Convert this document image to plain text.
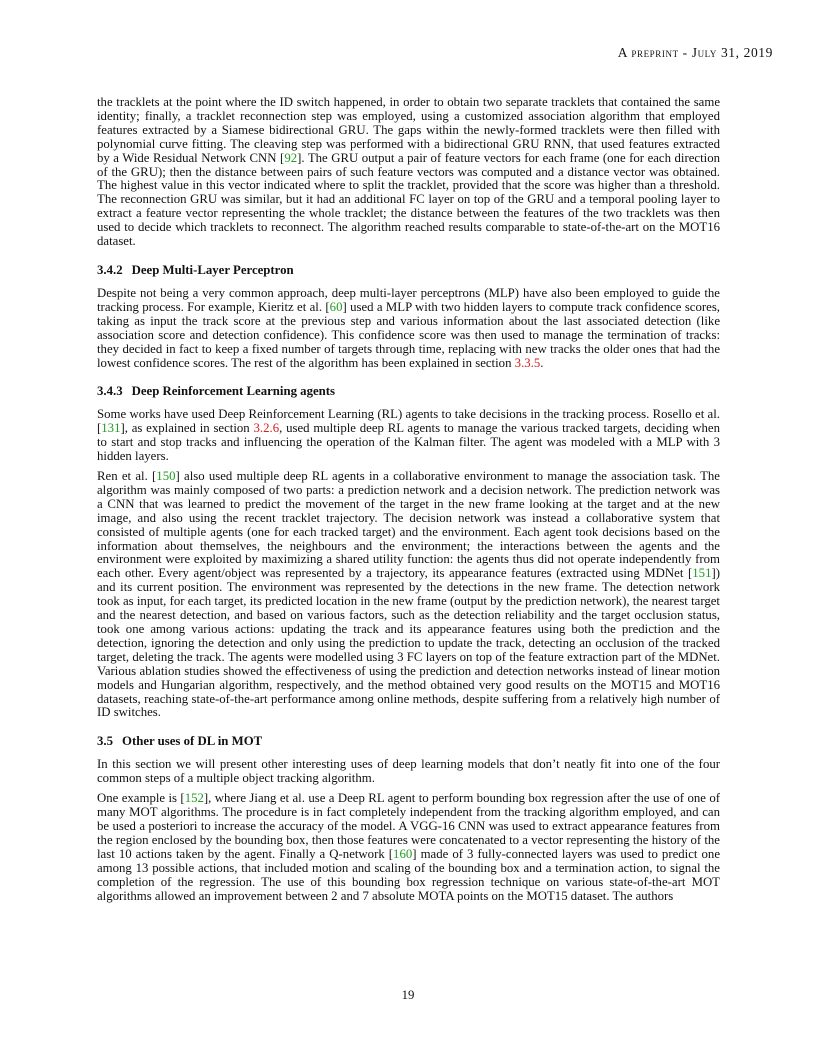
A preprint - July 31, 2019

the tracklets at the point where the ID switch happened, in order to obtain two separate tracklets that contained the same identity; finally, a tracklet reconnection step was employed, using a customized association algorithm that employed features extracted by a Siamese bidirectional GRU. The gaps within the newly-formed tracklets were then filled with polynomial curve fitting. The cleaving step was performed with a bidirectional GRU RNN, that used features extracted by a Wide Residual Network CNN [92]. The GRU output a pair of feature vectors for each frame (one for each direction of the GRU); then the distance between pairs of such feature vectors was computed and a distance vector was obtained. The highest value in this vector indicated where to split the tracklet, provided that the score was higher than a threshold. The reconnection GRU was similar, but it had an additional FC layer on top of the GRU and a temporal pooling layer to extract a feature vector representing the whole tracklet; the distance between the features of the two tracklets was then used to decide which tracklets to reconnect. The algorithm reached results comparable to state-of-the-art on the MOT16 dataset.

3.4.2 Deep Multi-Layer Perceptron

Despite not being a very common approach, deep multi-layer perceptrons (MLP) have also been employed to guide the tracking process. For example, Kieritz et al. [60] used a MLP with two hidden layers to compute track confidence scores, taking as input the track score at the previous step and various information about the last associated detection (like association score and detection confidence). This confidence score was then used to manage the termination of tracks: they decided in fact to keep a fixed number of targets through time, replacing with new tracks the older ones that had the lowest confidence scores. The rest of the algorithm has been explained in section 3.3.5.

3.4.3 Deep Reinforcement Learning agents

Some works have used Deep Reinforcement Learning (RL) agents to take decisions in the tracking process. Rosello et al. [131], as explained in section 3.2.6, used multiple deep RL agents to manage the various tracked targets, deciding when to start and stop tracks and influencing the operation of the Kalman filter. The agent was modeled with a MLP with 3 hidden layers.

Ren et al. [150] also used multiple deep RL agents in a collaborative environment to manage the association task. The algorithm was mainly composed of two parts: a prediction network and a decision network. The prediction network was a CNN that was learned to predict the movement of the target in the new frame looking at the target and at the new image, and also using the recent tracklet trajectory. The decision network was instead a collaborative system that consisted of multiple agents (one for each tracked target) and the environment. Each agent took decisions based on the information about themselves, the neighbours and the environment; the interactions between the agents and the environment were exploited by maximizing a shared utility function: the agents thus did not operate independently from each other. Every agent/object was represented by a trajectory, its appearance features (extracted using MDNet [151]) and its current position. The environment was represented by the detections in the new frame. The detection network took as input, for each target, its predicted location in the new frame (output by the prediction network), the nearest target and the nearest detection, and based on various factors, such as the detection reliability and the target occlusion status, took one among various actions: updating the track and its appearance features using both the prediction and the detection, ignoring the detection and only using the prediction to update the track, detecting an occlusion of the tracked target, deleting the track. The agents were modelled using 3 FC layers on top of the feature extraction part of the MDNet. Various ablation studies showed the effectiveness of using the prediction and detection networks instead of linear motion models and Hungarian algorithm, respectively, and the method obtained very good results on the MOT15 and MOT16 datasets, reaching state-of-the-art performance among online methods, despite suffering from a relatively high number of ID switches.

3.5 Other uses of DL in MOT

In this section we will present other interesting uses of deep learning models that don’t neatly fit into one of the four common steps of a multiple object tracking algorithm.

One example is [152], where Jiang et al. use a Deep RL agent to perform bounding box regression after the use of one of many MOT algorithms. The procedure is in fact completely independent from the tracking algorithm employed, and can be used a posteriori to increase the accuracy of the model. A VGG-16 CNN was used to extract appearance features from the region enclosed by the bounding box, then those features were concatenated to a vector representing the history of the last 10 actions taken by the agent. Finally a Q-network [160] made of 3 fully-connected layers was used to predict one among 13 possible actions, that included motion and scaling of the bounding box and a termination action, to signal the completion of the regression. The use of this bounding box regression technique on various state-of-the-art MOT algorithms allowed an improvement between 2 and 7 absolute MOTA points on the MOT15 dataset. The authors

19
